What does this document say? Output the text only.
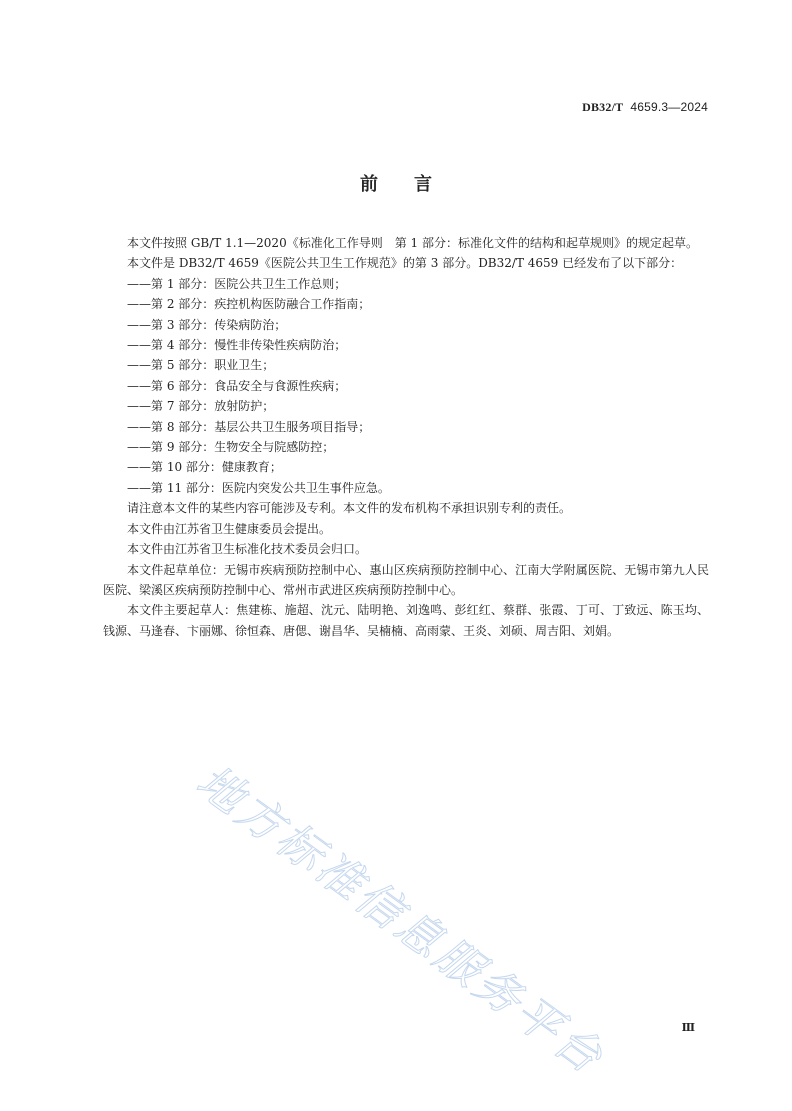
DB32/T 4659.3—2024
前言

本文件按照 GB/T 1.1—2020《标准化工作导则　第 1 部分：标准化文件的结构和起草规则》的规定起草。

本文件是 DB32/T 4659《医院公共卫生工作规范》的第 3 部分。DB32/T 4659 已经发布了以下部分：

——第 1 部分：医院公共卫生工作总则；
——第 2 部分：疾控机构医防融合工作指南；
——第 3 部分：传染病防治；
——第 4 部分：慢性非传染性疾病防治；
——第 5 部分：职业卫生；
——第 6 部分：食品安全与食源性疾病；
——第 7 部分：放射防护；
——第 8 部分：基层公共卫生服务项目指导；
——第 9 部分：生物安全与院感防控；
——第 10 部分：健康教育；
——第 11 部分：医院内突发公共卫生事件应急。

请注意本文件的某些内容可能涉及专利。本文件的发布机构不承担识别专利的责任。

本文件由江苏省卫生健康委员会提出。

本文件由江苏省卫生标准化技术委员会归口。

本文件起草单位：无锡市疾病预防控制中心、惠山区疾病预防控制中心、江南大学附属医院、无锡市第九人民医院、梁溪区疾病预防控制中心、常州市武进区疾病预防控制中心。

本文件主要起草人：焦建栋、施超、沈元、陆明艳、刘逸鸣、彭红红、蔡群、张霞、丁可、丁致远、陈玉均、钱源、马逢春、卞丽娜、徐恒森、唐偲、谢昌华、吴楠楠、高雨蒙、王炎、刘硕、周吉阳、刘娟。

地方标准信息服务平台	Ⅲ
